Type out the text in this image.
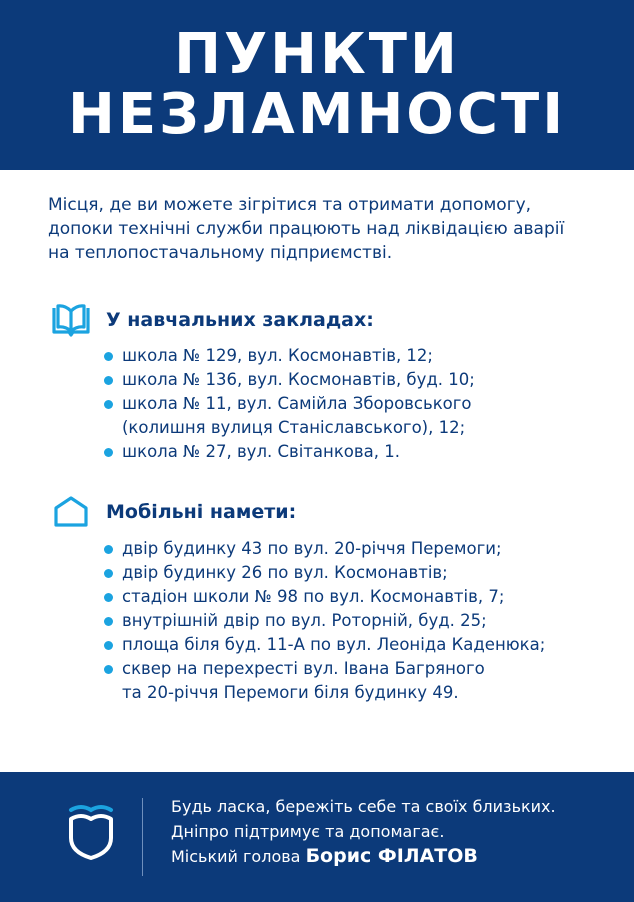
ПУНКТИ
НЕЗЛАМНОСТІ
Місця, де ви можете зігрітися та отримати допомогу,
допоки технічні служби працюють над ліквідацією аварії
на теплопостачальному підприємстві.
У навчальних закладах:
школа № 129, вул. Космонавтів, 12;
школа № 136, вул. Космонавтів, буд. 10;
школа № 11, вул. Самійла Зборовського
(колишня вулиця Станіславського), 12;
школа № 27, вул. Світанкова, 1.
Мобільні намети:
двір будинку 43 по вул. 20-річчя Перемоги;
двір будинку 26 по вул. Космонавтів;
стадіон школи № 98 по вул. Космонавтів, 7;
внутрішній двір по вул. Роторній, буд. 25;
площа біля буд. 11-А по вул. Леоніда Каденюка;
сквер на перехресті вул. Івана Багряного
та 20-річчя Перемоги біля будинку 49.
Будь ласка, бережіть себе та своїх близьких.
Дніпро підтримує та допомагає.
Міський голова Борис ФІЛАТОВ
